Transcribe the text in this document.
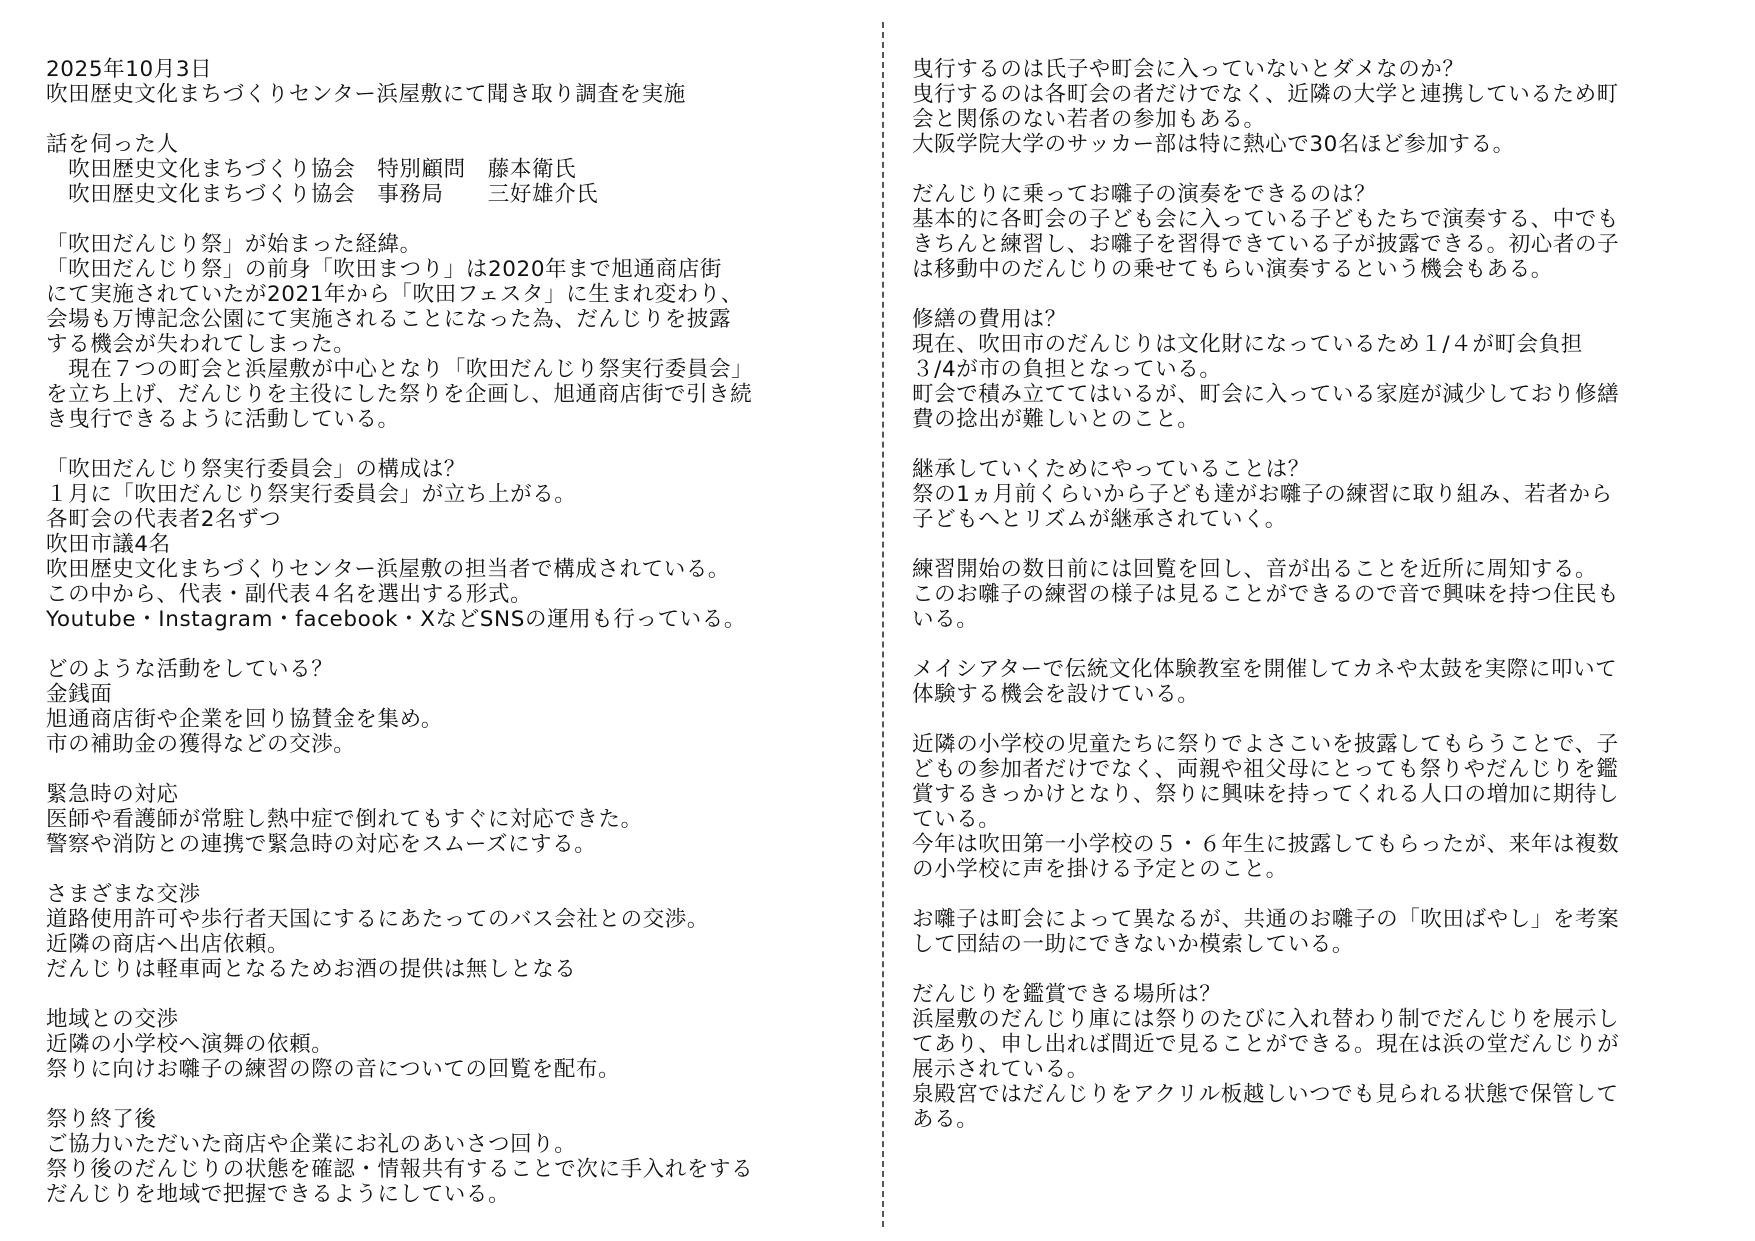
2025年10月3日
吹田歴史文化まちづくりセンター浜屋敷にて聞き取り調査を実施
話を伺った人
　吹田歴史文化まちづくり協会　特別顧問　藤本衛氏
　吹田歴史文化まちづくり協会　事務局　　三好雄介氏
「吹田だんじり祭」が始まった経緯。
「吹田だんじり祭」の前身「吹田まつり」は2020年まで旭通商店街
にて実施されていたが2021年から「吹田フェスタ」に生まれ変わり、
会場も万博記念公園にて実施されることになった為、だんじりを披露
する機会が失われてしまった。
　現在７つの町会と浜屋敷が中心となり「吹田だんじり祭実行委員会」
を立ち上げ、だんじりを主役にした祭りを企画し、旭通商店街で引き続
き曳行できるように活動している。
「吹田だんじり祭実行委員会」の構成は？
１月に「吹田だんじり祭実行委員会」が立ち上がる。
各町会の代表者2名ずつ
吹田市議4名
吹田歴史文化まちづくりセンター浜屋敷の担当者で構成されている。
この中から、代表・副代表４名を選出する形式。
Youtube・Instagram・facebook・XなどSNSの運用も行っている。
どのような活動をしている？
金銭面
旭通商店街や企業を回り協賛金を集め。
市の補助金の獲得などの交渉。
緊急時の対応
医師や看護師が常駐し熱中症で倒れてもすぐに対応できた。
警察や消防との連携で緊急時の対応をスムーズにする。
さまざまな交渉
道路使用許可や歩行者天国にするにあたってのバス会社との交渉。
近隣の商店へ出店依頼。
だんじりは軽車両となるためお酒の提供は無しとなる
地域との交渉
近隣の小学校へ演舞の依頼。
祭りに向けお囃子の練習の際の音についての回覧を配布。
祭り終了後
ご協力いただいた商店や企業にお礼のあいさつ回り。
祭り後のだんじりの状態を確認・情報共有することで次に手入れをする
だんじりを地域で把握できるようにしている。
曳行するのは氏子や町会に入っていないとダメなのか？
曳行するのは各町会の者だけでなく、近隣の大学と連携しているため町
会と関係のない若者の参加もある。
大阪学院大学のサッカー部は特に熱心で30名ほど参加する。
だんじりに乗ってお囃子の演奏をできるのは？
基本的に各町会の子ども会に入っている子どもたちで演奏する、中でも
きちんと練習し、お囃子を習得できている子が披露できる。初心者の子
は移動中のだんじりの乗せてもらい演奏するという機会もある。
修繕の費用は？
現在、吹田市のだんじりは文化財になっているため１/４が町会負担
３/4が市の負担となっている。
町会で積み立ててはいるが、町会に入っている家庭が減少しており修繕
費の捻出が難しいとのこと。
継承していくためにやっていることは？
祭の1ヵ月前くらいから子ども達がお囃子の練習に取り組み、若者から
子どもへとリズムが継承されていく。
練習開始の数日前には回覧を回し、音が出ることを近所に周知する。
このお囃子の練習の様子は見ることができるので音で興味を持つ住民も
いる。
メイシアターで伝統文化体験教室を開催してカネや太鼓を実際に叩いて
体験する機会を設けている。
近隣の小学校の児童たちに祭りでよさこいを披露してもらうことで、子
どもの参加者だけでなく、両親や祖父母にとっても祭りやだんじりを鑑
賞するきっかけとなり、祭りに興味を持ってくれる人口の増加に期待し
ている。
今年は吹田第一小学校の５・６年生に披露してもらったが、来年は複数
の小学校に声を掛ける予定とのこと。
お囃子は町会によって異なるが、共通のお囃子の「吹田ばやし」を考案
して団結の一助にできないか模索している。
だんじりを鑑賞できる場所は？
浜屋敷のだんじり庫には祭りのたびに入れ替わり制でだんじりを展示し
てあり、申し出れば間近で見ることができる。現在は浜の堂だんじりが
展示されている。
泉殿宮ではだんじりをアクリル板越しいつでも見られる状態で保管して
ある。
